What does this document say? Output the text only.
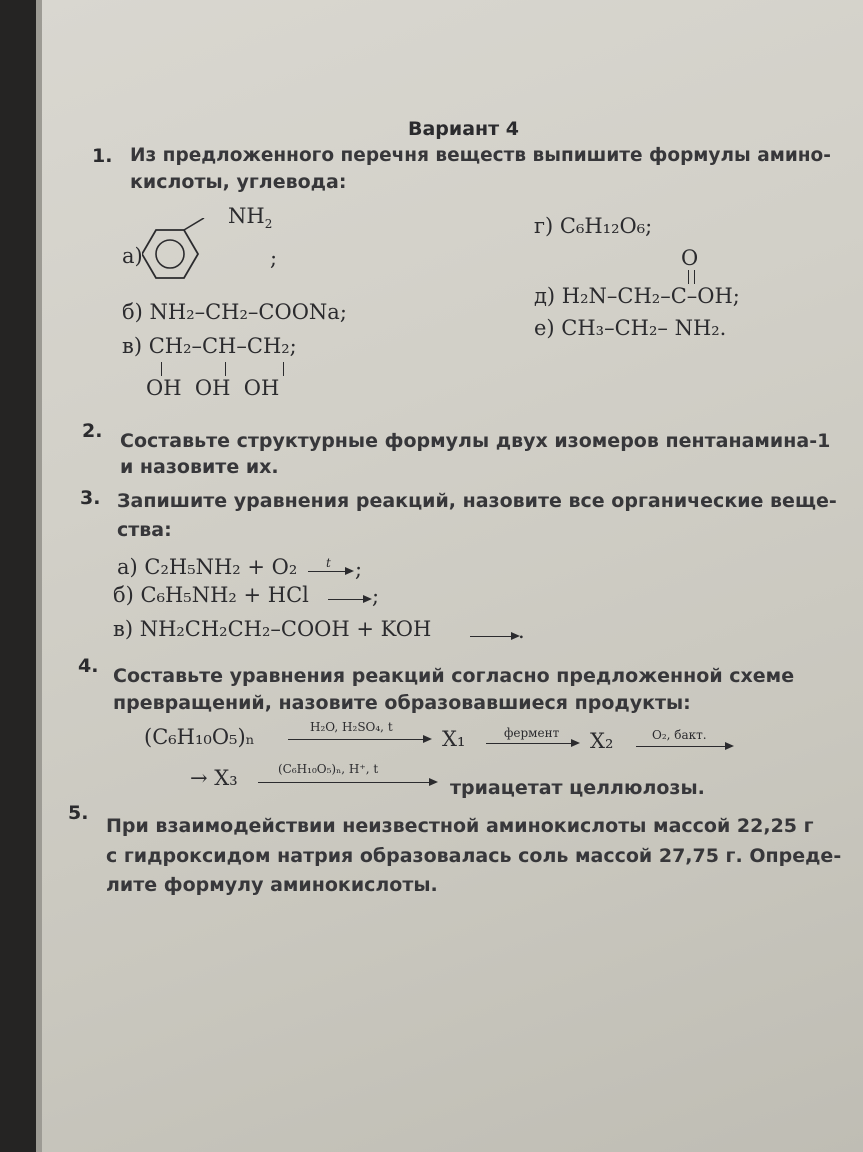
Вариант 4
1. Из предложенного перечня веществ выпишите формулы амино-
кислоты, углевода:
а)
$NH_2$
;
б) NH₂–CH₂–COONa;
в) CH₂–CH–CH₂;
OH  OH  OH
г) C₆H₁₂O₆;
O
д) H₂N–CH₂–C–OH;
е) CH₃–CH₂– NH₂.
2. Составьте структурные формулы двух изомеров пентанамина-1
и назовите их.
3. Запишите уравнения реакций, назовите все органические веще-
ства:
а) C₂H₅NH₂ + O₂ t → ;
б) C₆H₅NH₂ + HCl → ;
в) NH₂CH₂CH₂–COOH + KOH → .
4. Составьте уравнения реакций согласно предложенной схеме
превращений, назовите образовавшиеся продукты:
(C₆H₁₀O₅)ₙ	H₂O, H₂SO₄, t X₁	фермент X₂	O₂, бакт.
→ X₃	(C₆H₁₀O₅)ₙ, H⁺, t
триацетат целлюлозы.
5.
При взаимодействии неизвестной аминокислоты массой 22,25 г
с гидроксидом натрия образовалась соль массой 27,75 г. Опреде-
лите формулу аминокислоты.
